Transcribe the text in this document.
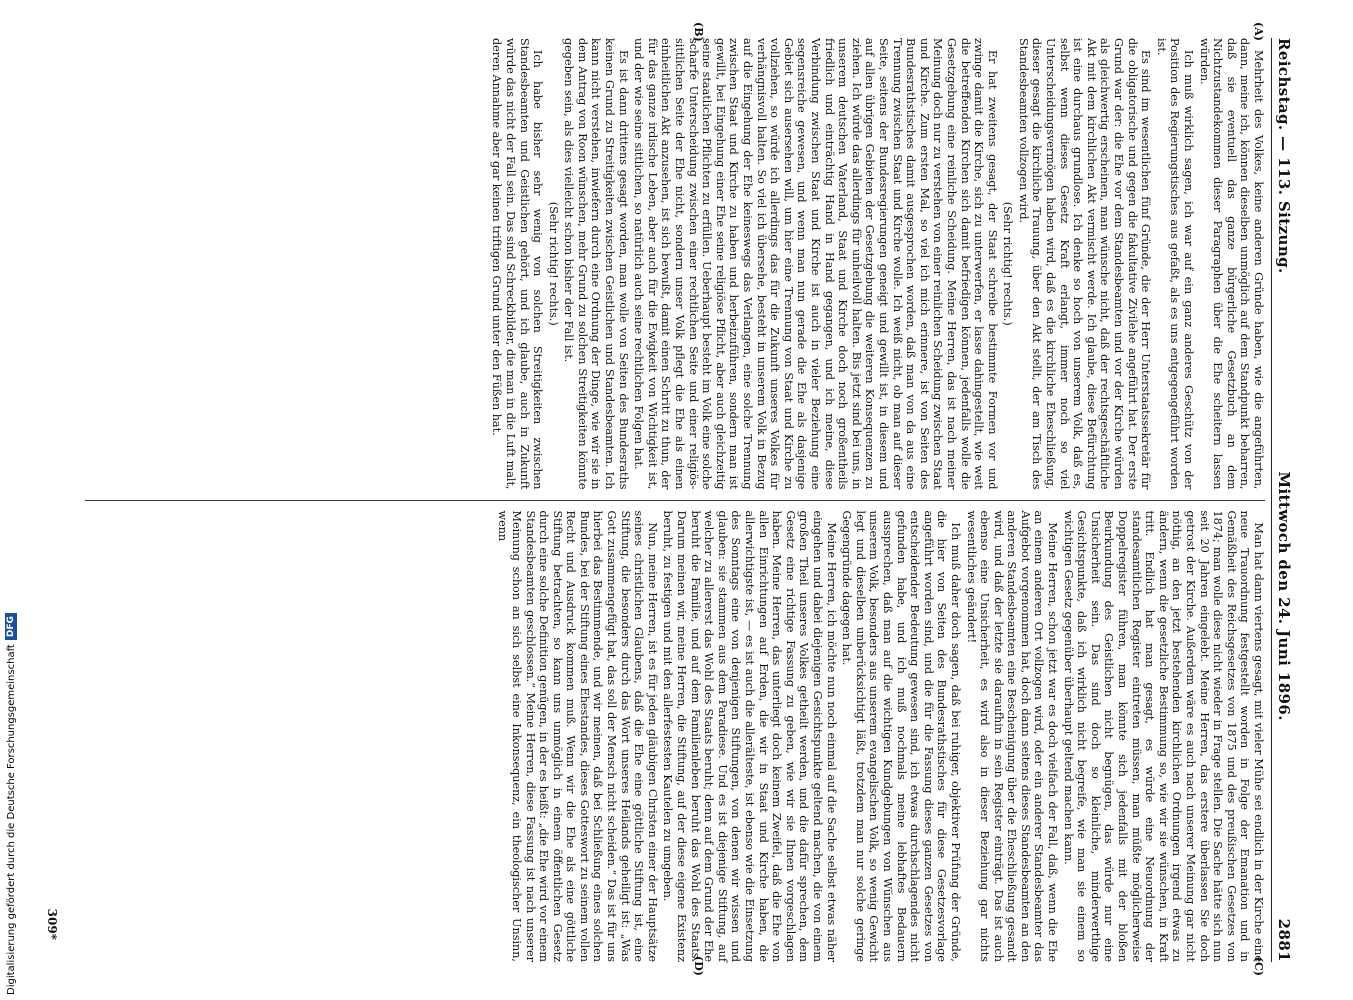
Reichstag. — 113. Sitzung.
Mittwoch den 24. Juni 1896.
2881
(A)
(B)

Mehrheit des Volkes, keine anderen Gründe haben, wie die angeführten, dann, meine ich, können dieselben unmöglich auf dem Standpunkt beharren, daß sie eventuell das ganze bürgerliche Gesetzbuch an dem Nichtzustandekommen dieser Paragraphen über die Ehe scheitern lassen würden.

Ich muß wirklich sagen, ich war auf ein ganz anderes Geschütz von der Position des Regierungstisches aus gefaßt, als es uns entgegengeführt worden ist.

Es sind im wesentlichen fünf Gründe, die der Herr Unterstaatssekretär für die obligatorische und gegen die fakultative Zivilehe angeführt hat. Der erste Grund war der: die Ehe vor dem Standesbeamten und vor der Kirche würden als gleichwertig erscheinen, man wünsche nicht, daß der rechtsgeschäftliche Akt mit dem kirchlichen Akt vermischt werde. Ich glaube, diese Befürchtung ist eine durchaus grundlose. Ich denke so hoch von unserem Volk, daß es, selbst wenn dieses Gesetz Kraft erlangt, immer noch so viel Unterscheidungsvermögen haben wird, daß es die kirchliche Eheschließung, dieser gesagt die kirchliche Trauung, über den Akt stellt, der am Tisch des Standesbeamten vollzogen wird.

(Sehr richtig! rechts.)

Er hat zweitens gesagt, der Staat schreibe bestimmte Formen vor und zwinge damit die Kirche, sich zu unterwerfen, er lasse dahingestellt, wie weit die betreffenden Kirchen sich damit befriedigen können, jedenfalls wolle die Gesetzgebung eine reinliche Scheidung. Meine Herren, das ist nach meiner Meinung doch nur zu verstehen von einer reinlichen Scheidung zwischen Staat und Kirche. Zum ersten Mal, so viel ich mich erinnere, ist von Seiten des Bundesrathstisches damit ausgesprochen worden, daß man von da aus eine Trennung zwischen Staat und Kirche wolle. Ich weiß nicht, ob man auf dieser Seite, seitens der Bundesregierungen geneigt und gewillt ist, in diesem und auf allen übrigen Gebieten der Gesetzgebung die weiteren Konsequenzen zu ziehen. Ich würde das allerdings für unheilvoll halten. Bis jetzt sind bei uns, in unserem deutschen Vaterland, Staat und Kirche doch noch großentheils friedlich und einträchtig Hand in Hand gegangen, und ich meine, diese Verbindung zwischen Staat und Kirche ist auch in vieler Beziehung eine segensreiche gewesen, und wenn man nun gerade die Ehe als dasjenige Gebiet sich ausersehen will, um hier eine Trennung von Staat und Kirche zu vollziehen, so würde ich allerdings das für die Zukunft unseres Volkes für verhängnisvoll halten. So viel ich übersehe, besteht in unserem Volk in Bezug auf die Eingehung der Ehe keineswegs das Verlangen, eine solche Trennung zwischen Staat und Kirche zu haben und herbeizuführen, sondern man ist gewillt, bei Eingehung einer Ehe seine religiöse Pflicht, aber auch gleichzeitig seine staatlichen Pflichten zu erfüllen. Ueberhaupt besteht im Volk eine solche scharfe Unterscheidung zwischen einer rechtlichen Seite und einer religiös-sittlichen Seite der Ehe nicht, sondern unser Volk pflegt die Ehe als einen einheitlichen Akt anzusehen, ist sich bewußt, damit einen Schritt zu thun, der für das ganze irdische Leben, aber auch für die Ewigkeit von Wichtigkeit ist, und der wie seine sittlichen, so natürlich auch seine rechtlichen Folgen hat.

Es ist dann drittens gesagt worden, man wolle von Seiten des Bundesraths keinen Grund zu Streitigkeiten zwischen Geistlichen und Standesbeamten. Ich kann nicht verstehen, inwiefern durch eine Ordnung der Dinge, wie wir sie in dem Antrag von Roon wünschen, mehr Grund zu solchen Streitigkeiten könnte gegeben sein, als dies vielleicht schon bisher der Fall ist.

(Sehr richtig! rechts.)

Ich habe bisher sehr wenig von solchen Streitigkeiten zwischen Standesbeamten und Geistlichen gehört, und ich glaube, auch in Zukunft würde das nicht der Fall sein. Das sind Schreckbilder, die man in die Luft malt, deren Annahme aber gar keinen triftigen Grund unter den Füßen hat.

(C)
(D)

Man hat dann viertens gesagt, mit vieler Mühe sei endlich in der Kirche eine neue Trauordnung festgestellt worden in Folge der Emanation und in Gemäßheit des Reichsgesetzes von 1875 und des preußischen Gesetzes von 1874; man wolle diese nicht wieder in Frage stellen. Die Sache hätte sich nun seit 20 Jahren eingelebt. Meine Herren, das erstere überlassen Sie doch getrost der Kirche. Außerdem wäre es auch nach unserer Meinung gar nicht nöthig, an den jetzt bestehenden kirchlichen Ordnungen irgend etwas zu ändern, wenn die gesetzliche Bestimmung so, wie wir sie wünschen, in Kraft tritt. Endlich hat man gesagt, es würde eine Neuordnung der standesamtlichen Register eintreten müssen, man müßte möglicherweise Doppelregister führen, man könnte sich jedenfalls mit der bloßen Beurkundung des Geistlichen nicht begnügen, das würde nur eine Unsicherheit sein. Das sind doch so kleinliche, minderwerthige Gesichtspunkte, daß ich wirklich nicht begreife, wie man sie einem so wichtigen Gesetz gegenüber überhaupt geltend machen kann.

Meine Herren, schon jetzt war es doch vielfach der Fall, daß, wenn die Ehe an einem anderen Ort vollzogen wird, oder ein anderer Standesbeamter das Aufgebot vorgenommen hat, doch dann seitens dieses Standesbeamten an den anderen Standesbeamten eine Bescheinigung über die Eheschließung gesandt wird, und daß der letzte sie daraufhin in sein Register einträgt. Das ist auch ebenso eine Unsicherheit, es wird also in dieser Beziehung gar nichts wesentliches geändert!

Ich muß daher doch sagen, daß bei ruhiger, objektiver Prüfung der Gründe, die hier von Seiten des Bundesrathstisches für diese Gesetzesvorlage angeführt worden sind, und die für die Fassung dieses ganzen Gesetzes von entscheidender Bedeutung gewesen sind, ich etwas durchschlagendes nicht gefunden habe, und ich muß nochmals meine lebhaftes Bedauern aussprechen, daß man auf die wichtigen Kundgebungen von Wünschen aus unserem Volk, besonders aus unserem evangelischen Volk, so wenig Gewicht legt und dieselben unberücksichtigt läßt, trotzdem man nur solche geringe Gegengründe dagegen hat.

Meine Herren, ich möchte nun noch einmal auf die Sache selbst etwas näher eingehen und dabei diejenigen Gesichtspunkte geltend machen, die von einem großen Theil unseres Volkes getheilt werden, und die dafür sprechen, dem Gesetz eine richtige Fassung zu geben, wie wir sie Ihnen vorgeschlagen haben. Meine Herren, das unterliegt doch keinem Zweifel, daß die Ehe von allen Einrichtungen auf Erden, die wir in Staat und Kirche haben, die allerwichtigste ist, — es ist auch die allerälteste, ist ebenso wie die Einsetzung des Sonntags eine von denjenigen Stiftungen, von denen wir wissen und glauben: sie stammen aus dem Paradiese. Und es ist diejenige Stiftung, auf welcher zu allererst das Wohl des Staats beruht; denn auf dem Grund der Ehe beruht die Familie, und auf dem Familienleben beruht das Wohl des Staats. Darum meinen wir, meine Herren, die Stiftung, auf der diese eigene Existenz beruht, zu festigen und mit den allerfestesten Kautelen zu umgeben.

Nun, meine Herren, ist es für jeden gläubigen Christen einer der Hauptsätze seines christlichen Glaubens, daß die Ehe eine göttliche Stiftung ist, eine Stiftung, die besonders durch das Wort unseres Heilands geheiligt ist: „Was Gott zusammengefügt hat, das soll der Mensch nicht scheiden.“ Das ist für uns hierbei das Bestimmende, und wir meinen, daß bei Schließung eines solchen Bundes, bei der Stiftung eines Ehestandes, dieses Gotteswort zu seinem vollen Recht und Ausdruck kommen muß. Wenn wir die Ehe als eine göttliche Stiftung betrachten, so kann uns unmöglich in einem öffentlichen Gesetz durch eine solche Definition genügen, in der es heißt: „die Ehe wird vor einem Standesbeamten geschlossen.“ Meine Herren, diese Fassung ist nach unserer Meinung schon an sich selbst eine Inkonsequenz, ein theologischer Unsinn, wenn

309*
Digitalisierung gefördert durch die Deutsche Forschungsgemeinschaft
DFG
